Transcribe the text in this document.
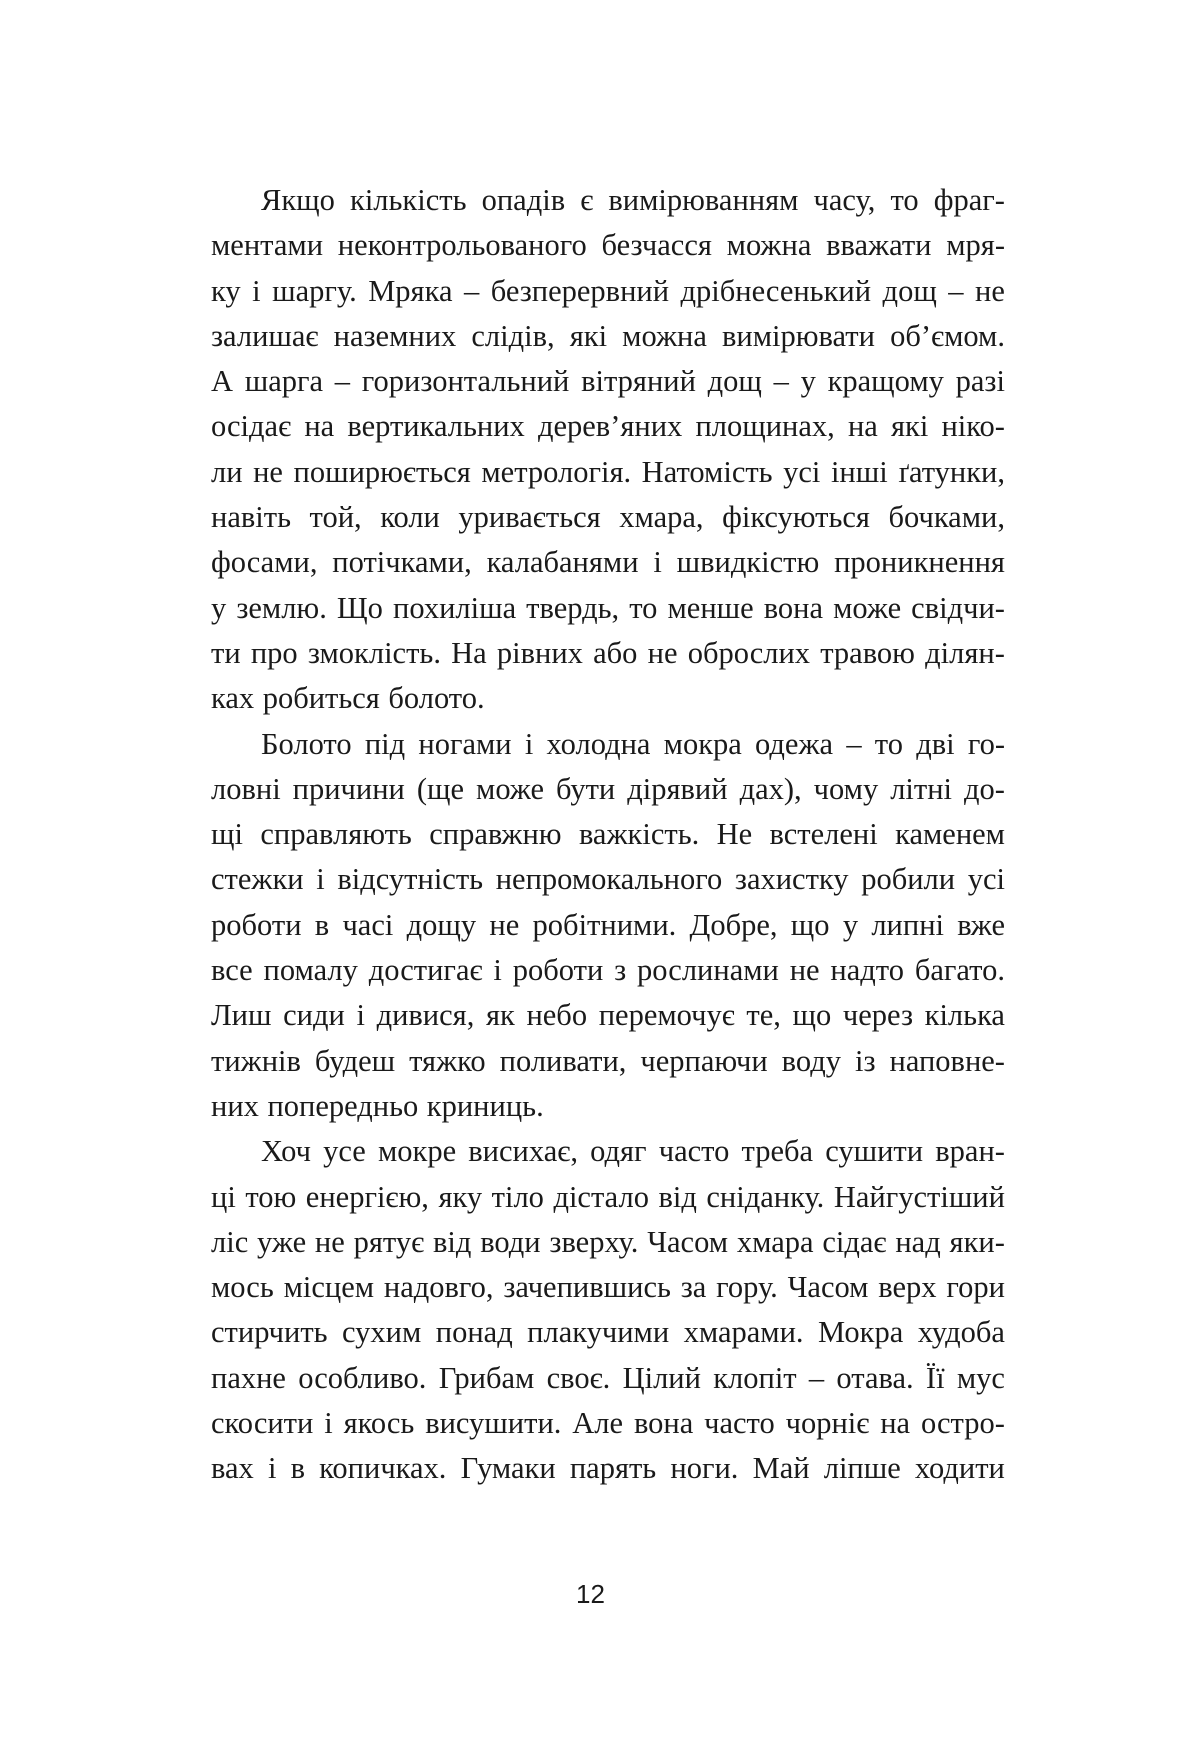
Якщо кількість опадів є вимірюванням часу, то фраг-
ментами неконтрольованого безчасся можна вважати мря-
ку і шаргу. Мряка – безперервний дрібнесенький дощ – не
залишає наземних слідів, які можна вимірювати об’ємом.
А шарга – горизонтальний вітряний дощ – у кращому разі
осідає на вертикальних дерев’яних площинах, на які ніко-
ли не поширюється метрологія. Натомість усі інші ґатунки,
навіть той, коли уривається хмара, фіксуються бочками,
фосами, потічками, калабанями і швидкістю проникнення
у землю. Що похиліша твердь, то менше вона може свідчи-
ти про змоклість. На рівних або не оброслих травою ділян-
ках робиться болото.
Болото під ногами і холодна мокра одежа – то дві го-
ловні причини (ще може бути дірявий дах), чому літні до-
щі справляють справжню важкість. Не встелені каменем
стежки і відсутність непромокального захистку робили усі
роботи в часі дощу не робітними. Добре, що у липні вже
все помалу достигає і роботи з рослинами не надто багато.
Лиш сиди і дивися, як небо перемочує те, що через кілька
тижнів будеш тяжко поливати, черпаючи воду із наповне-
них попередньо криниць.
Хоч усе мокре висихає, одяг часто треба сушити вран-
ці тою енергією, яку тіло дістало від сніданку. Найгустіший
ліс уже не рятує від води зверху. Часом хмара сідає над яки-
мось місцем надовго, зачепившись за гору. Часом верх гори
стирчить сухим понад плакучими хмарами. Мокра худоба
пахне особливо. Грибам своє. Цілий клопіт – отава. Її мус
скосити і якось висушити. Але вона часто чорніє на остро-
вах і в копичках. Гумаки парять ноги. Май ліпше ходити
12
